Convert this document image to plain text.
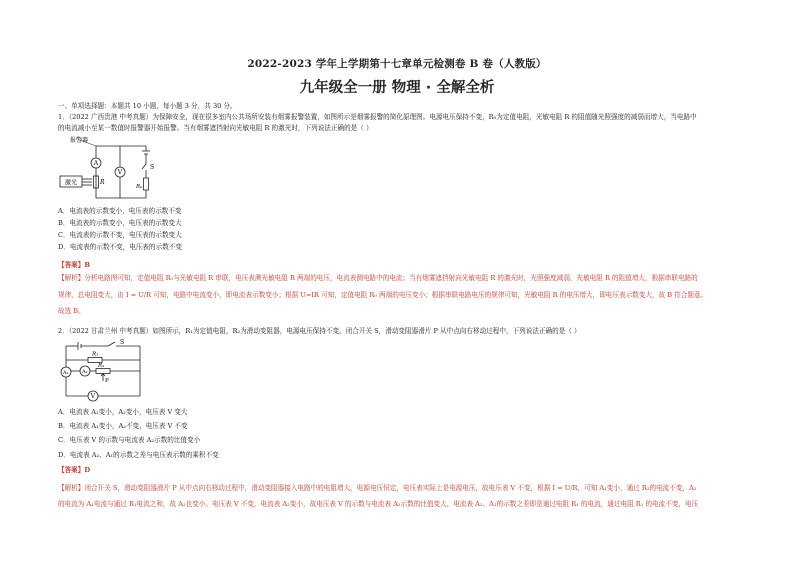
2022-2023 学年上学期第十七章单元检测卷 B 卷（人教版）
九年级全一册 物理 · 全解全析
一、单项选择题：本题共 10 小题，每小题 3 分，共 30 分。
1．（2022 广西贵港 中考真题）为保障安全，现在很多室内公共场所安装有烟雾报警装置，如图所示是烟雾报警的简化原理图。电源电压保持不变，R₀为定值电阻，光敏电阻 R 的阻值随光照强度的减弱而增大，当电路中
的电流减小至某一数值时报警器开始报警。当有烟雾遮挡射向光敏电阻 R 的激光时，下列说法正确的是（ ）
报警器
激光
A
V
R
S
R₀
A．电流表的示数变小，电压表的示数不变
B．电流表的示数变小，电压表的示数变大
C．电流表的示数不变，电压表的示数变大
D．电流表的示数不变，电压表的示数不变
【答案】B
【解析】分析电路图可知，定值电阻 R₀与光敏电阻 R 串联，电压表测光敏电阻 R 两端的电压，电流表测电路中的电流；当有烟雾遮挡射向光敏电阻 R 的激光时，光照强度减弱，光敏电阻 R 的阻值增大，根据串联电路的
规律，总电阻变大，由 I = U/R 可知，电路中电流变小，即电流表示数变小；根据 U=IR 可知，定值电阻 R₀ 两端的电压变小；根据串联电路电压的规律可知，光敏电阻 R 的电压增大，即电压表示数变大，故 B 符合题意。
故选 B。
2．（2022 甘肃兰州 中考真题）如图所示，R₁为定值电阻，R₂为滑动变阻器，电源电压保持不变，闭合开关 S，滑动变阻器滑片 P 从中点向右移动过程中，下列说法正确的是（ ）
A₁	A₂
V
R₁
R₂
S
P
A．电流表 A₁变小，A₂变小，电压表 V 变大
B．电流表 A₁变小，A₂不变，电压表 V 不变
C．电压表 V 的示数与电流表 A₂示数的比值变小
D．电流表 A₂、A₁的示数之差与电压表示数的乘积不变
【答案】D
【解析】闭合开关 S，滑动变阻器滑片 P 从中点向右移动过程中，滑动变阻器接入电路中的电阻增大，电源电压恒定，电压表实际上是电源电压，故电压表 V 不变，根据 I = U/R，可知 A₁变小，通过 R₂的电流不变，A₂
的电流为 A₁电流与通过 R₁电流之和，故 A₂也变小。电压表 V 不变，电流表 A₂变小，故电压表 V 的示数与电流表 A₂示数的比值变大，电流表 A₂、A₁的示数之差即是通过电阻 R₁ 的电流，通过电阻 R₁ 的电流不变，电压
